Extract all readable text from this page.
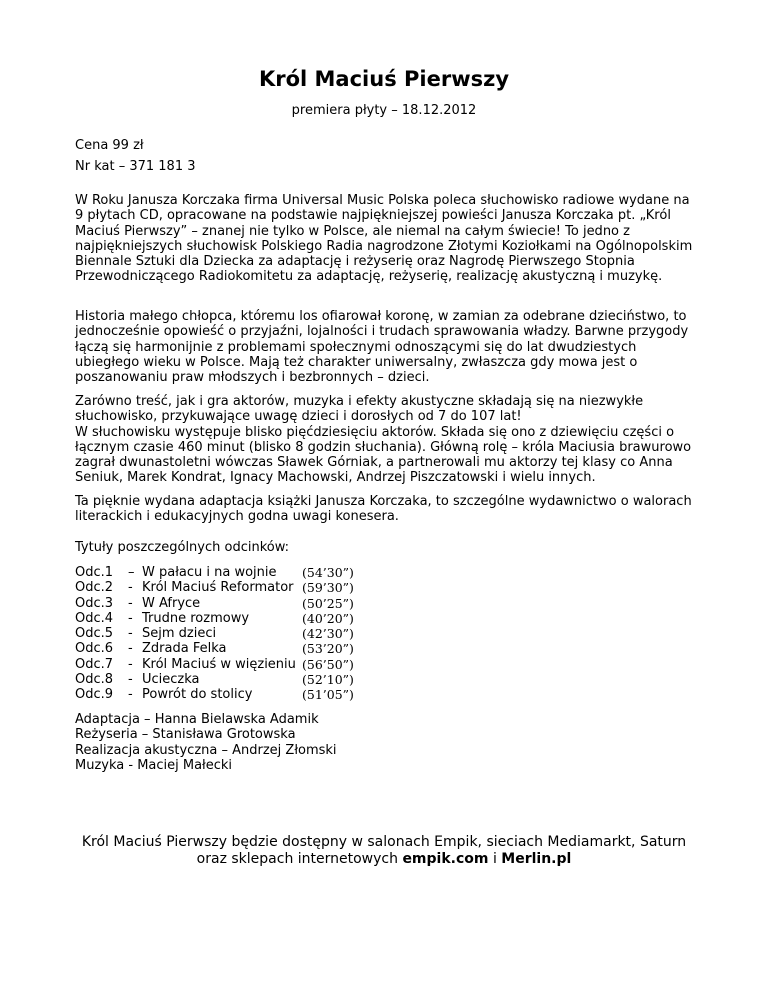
Król Maciuś Pierwszy
premiera płyty – 18.12.2012
Cena 99 zł
Nr kat – 371 181 3

W Roku Janusza Korczaka firma Universal Music Polska poleca słuchowisko radiowe wydane na 9 płytach CD, opracowane na podstawie najpiękniejszej powieści Janusza Korczaka pt. „Król Maciuś Pierwszy” – znanej nie tylko w Polsce, ale niemal na całym świecie! To jedno z najpiękniejszych słuchowisk Polskiego Radia nagrodzone Złotymi Koziołkami na Ogólnopolskim Biennale Sztuki dla Dziecka za adaptację i reżyserię oraz Nagrodę Pierwszego Stopnia Przewodniczącego Radiokomitetu za adaptację, reżyserię, realizację akustyczną i muzykę.

Historia małego chłopca, któremu los ofiarował koronę, w zamian za odebrane dzieciństwo, to jednocześnie opowieść o przyjaźni, lojalności i trudach sprawowania władzy. Barwne przygody łączą się harmonijnie z problemami społecznymi odnoszącymi się do lat dwudziestych ubiegłego wieku w Polsce. Mają też charakter uniwersalny, zwłaszcza gdy mowa jest o poszanowaniu praw młodszych i bezbronnych – dzieci.

Zarówno treść, jak i gra aktorów, muzyka i efekty akustyczne składają się na niezwykłe słuchowisko, przykuwające uwagę dzieci i dorosłych od 7 do 107 lat!

W słuchowisku występuje blisko pięćdziesięciu aktorów. Składa się ono z dziewięciu części o łącznym czasie 460 minut (blisko 8 godzin słuchania). Główną rolę – króla Maciusia brawurowo zagrał dwunastoletni wówczas Sławek Górniak, a partnerowali mu aktorzy tej klasy co Anna Seniuk, Marek Kondrat, Ignacy Machowski, Andrzej Piszczatowski i wielu innych.

Ta pięknie wydana adaptacja książki Janusza Korczaka, to szczególne wydawnictwo o walorach literackich i edukacyjnych godna uwagi konesera.

Tytuły poszczególnych odcinków:
Odc.1	– W pałacu i na wojnie	(54’30”)
Odc.2	- Król Maciuś Reformator (59’30”)
Odc.3	- W Afryce	(50’25”)
Odc.4	- Trudne rozmowy	(40’20”)
Odc.5	- Sejm dzieci	(42’30”)
Odc.6	- Zdrada Felka	(53’20”)
Odc.7	- Król Maciuś w więzieniu (56’50”)
Odc.8	- Ucieczka	(52’10”)
Odc.9	- Powrót do stolicy	(51’05”)
Adaptacja – Hanna Bielawska Adamik
Reżyseria – Stanisława Grotowska
Realizacja akustyczna – Andrzej Złomski
Muzyka - Maciej Małecki
Król Maciuś Pierwszy będzie dostępny w salonach Empik, sieciach Mediamarkt, Saturn
oraz sklepach internetowych empik.com i Merlin.pl
